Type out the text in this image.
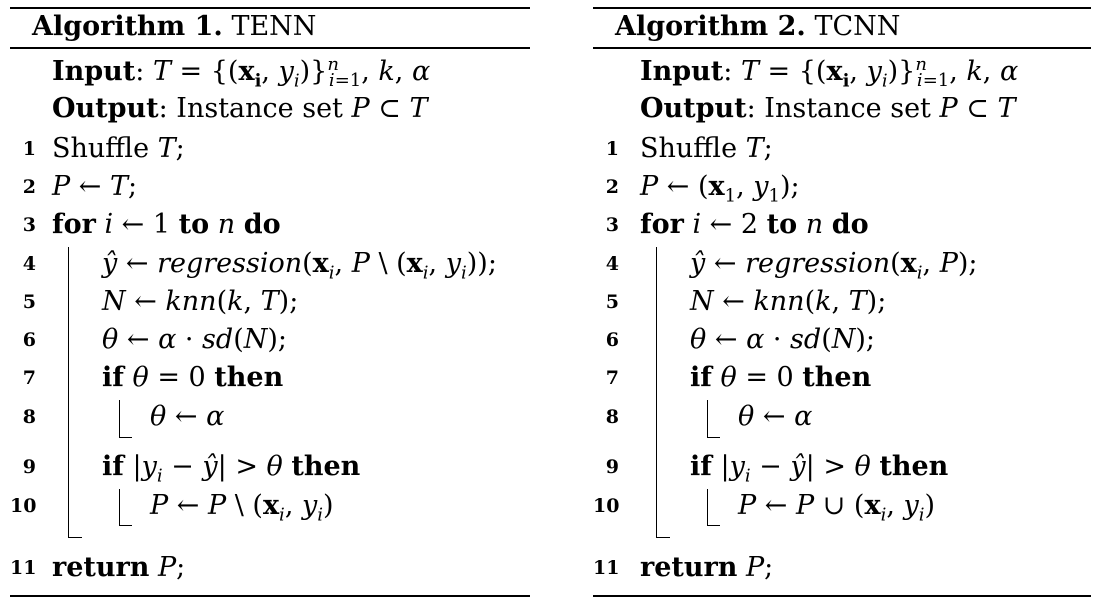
Algorithm 1. TENN
Input: $T = \{(x_i$, $y_i)\}^n_{i=1}$, k, α
Output: Instance set P ⊂ T
1 Shuffle T;
2 P ← T;
3 for i ← 1 to n do
4 ŷ ← $regression(x_i$, P \ ($x_i$, $y_i$));
5 N ← knn(k, T);
6 θ ← α · sd(N);
7 if θ = 0 then
8	θ ← α
9 if $|y_i$ − ŷ| > θ then
10	P ← P \ ($x_i$, $y_i$)
11 return P;
Algorithm 2. TCNN
Input: $T = \{(x_i$, $y_i)\}^n_{i=1}$, k, α
Output: Instance set P ⊂ T
1 Shuffle T;
2 P ← ($x_1$, $y_1$);
3 for i ← 2 to n do
4	ŷ ← $regression(x_i$, P);
5	N ← knn(k, T);
6	θ ← α · sd(N);
7	if θ = 0 then
8	θ ← α
9	if $|y_i$ − ŷ| > θ then
10	P ← P ∪ ($x_i$, $y_i$)
11 return P;
